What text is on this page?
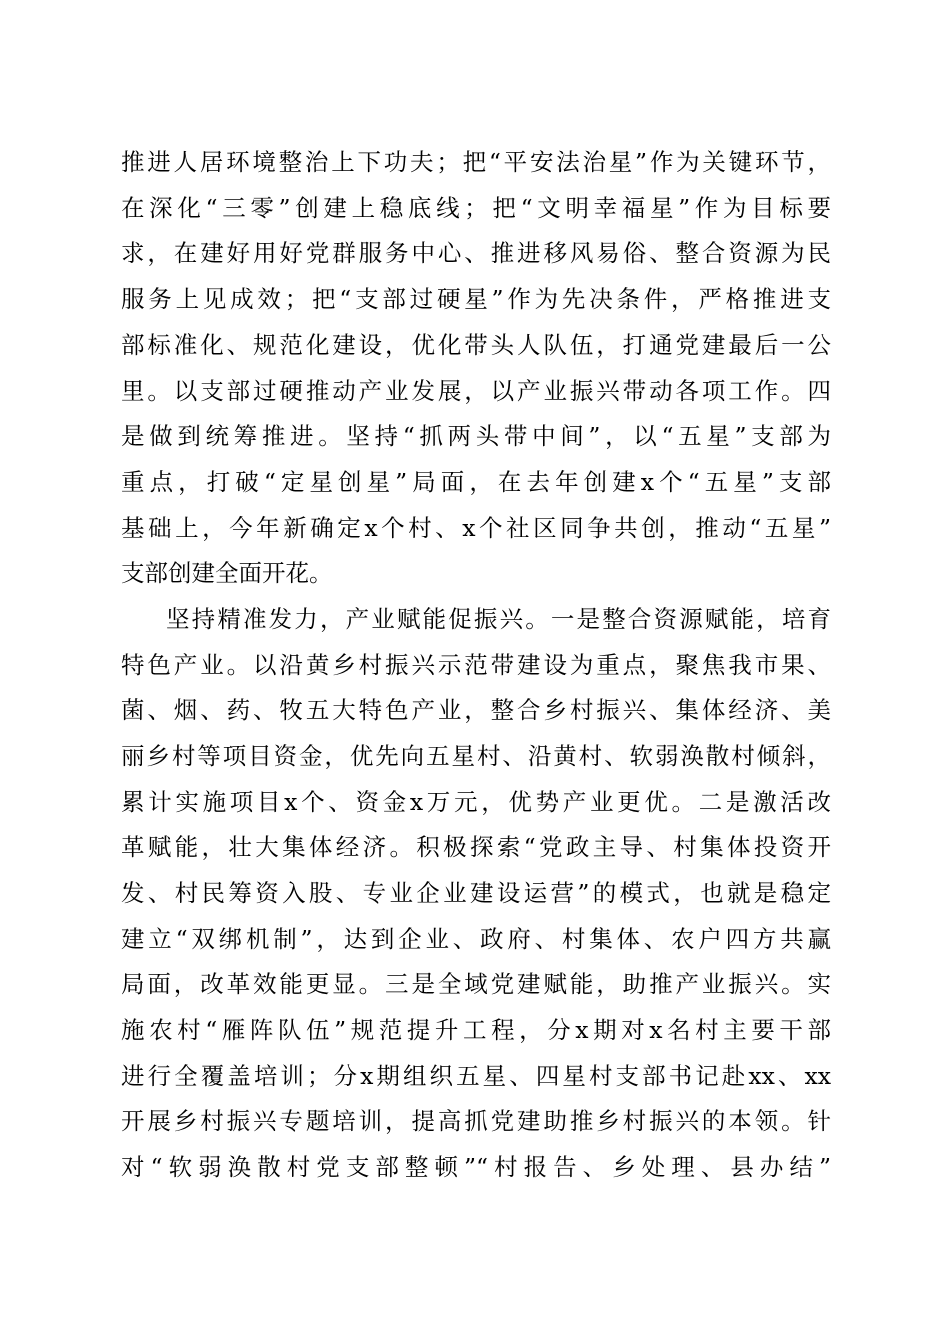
推进人居环境整治上下功夫；把“平安法治星”作为关键环节，
在深化“三零”创建上稳底线；把“文明幸福星”作为目标要
求，在建好用好党群服务中心、推进移风易俗、整合资源为民
服务上见成效；把“支部过硬星”作为先决条件，严格推进支
部标准化、规范化建设，优化带头人队伍，打通党建最后一公
里。以支部过硬推动产业发展，以产业振兴带动各项工作。四
是做到统筹推进。坚持“抓两头带中间”，以“五星”支部为
重点，打破“定星创星”局面，在去年创建x个“五星”支部
基础上，今年新确定x个村、x个社区同争共创，推动“五星”
支部创建全面开花。
坚持精准发力，产业赋能促振兴。一是整合资源赋能，培育
特色产业。以沿黄乡村振兴示范带建设为重点，聚焦我市果、
菌、烟、药、牧五大特色产业，整合乡村振兴、集体经济、美
丽乡村等项目资金，优先向五星村、沿黄村、软弱涣散村倾斜，
累计实施项目x个、资金x万元，优势产业更优。二是激活改
革赋能，壮大集体经济。积极探索“党政主导、村集体投资开
发、村民筹资入股、专业企业建设运营”的模式，也就是稳定
建立“双绑机制”，达到企业、政府、村集体、农户四方共赢
局面，改革效能更显。三是全域党建赋能，助推产业振兴。实
施农村“雁阵队伍”规范提升工程，分x期对x名村主要干部
进行全覆盖培训；分x期组织五星、四星村支部书记赴xx、xx
开展乡村振兴专题培训，提高抓党建助推乡村振兴的本领。针
对“软弱涣散村党支部整顿”“村报告、乡处理、县办结”
